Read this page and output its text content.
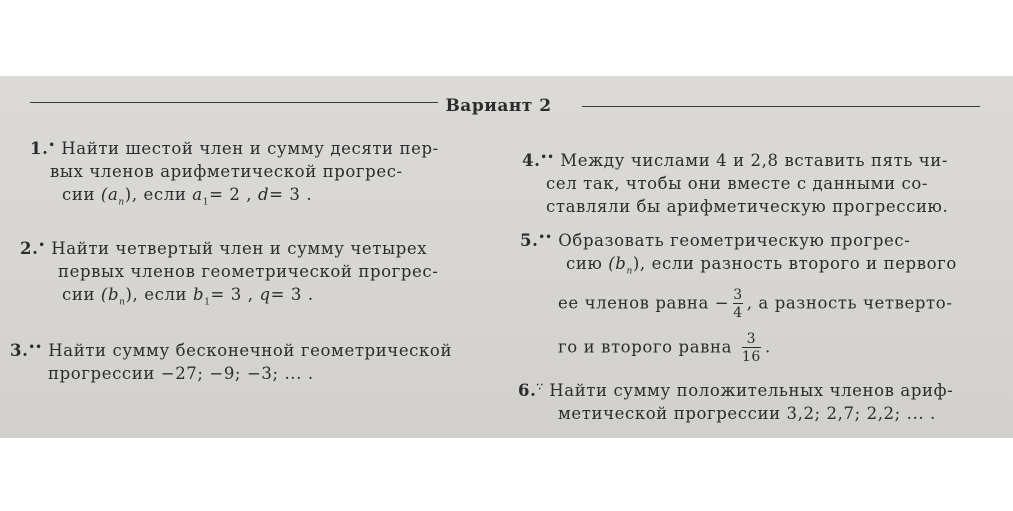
Вариант 2
1.• Найти шестой член и сумму десяти пер-
вых членов арифметической прогрес-
сии $(a_n)$, если $a_1= 2$ , d= 3 .
2.• Найти четвертый член и сумму четырех
первых членов геометрической прогрес-
сии $(b_n)$, если $b_1= 3$ , q= 3 .
3.•• Найти сумму бесконечной геометрической
прогрессии −27; −9; −3; ... .
4.•• Между числами 4 и 2,8 вставить пять чи-
сел так, чтобы они вместе с данными со-
ставляли бы арифметическую прогрессию.
5.•• Образовать геометрическую прогрес-
сию $(b_n)$, если разность второго и первого
ее членов равна − $\frac{3}{4}$ , а разность четверто-
го и второго равна $\frac{3}{16}$ .
6.∵ Найти сумму положительных членов ариф-
метической прогрессии 3,2; 2,7; 2,2; ... .
